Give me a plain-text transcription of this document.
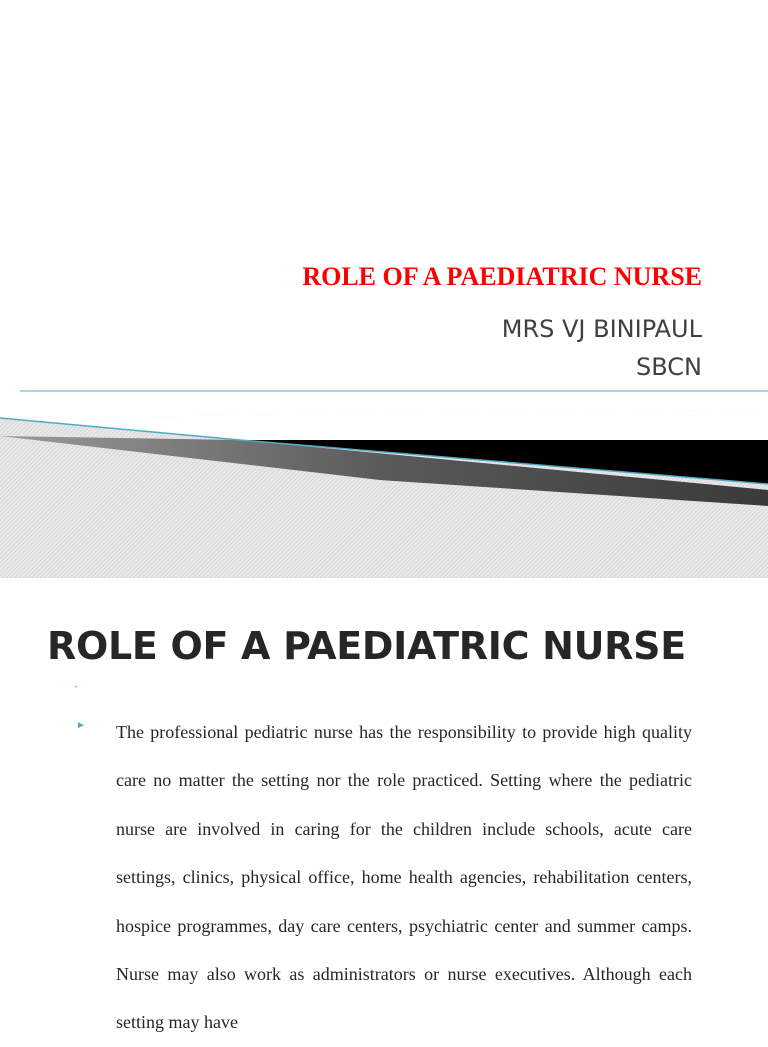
ROLE OF A PAEDIATRIC NURSE
MRS VJ BINIPAUL
SBCN
ROLE OF A PAEDIATRIC NURSE
•
► The professional pediatric nurse has the responsibility to provide high quality care no matter the setting nor the role practiced. Setting where the pediatric nurse are involved in caring for the children include schools, acute care settings, clinics, physical office, home health agencies, rehabilitation centers, hospice programmes, day care centers, psychiatric center and summer camps. Nurse may also work as administrators or nurse executives. Although each setting may have
